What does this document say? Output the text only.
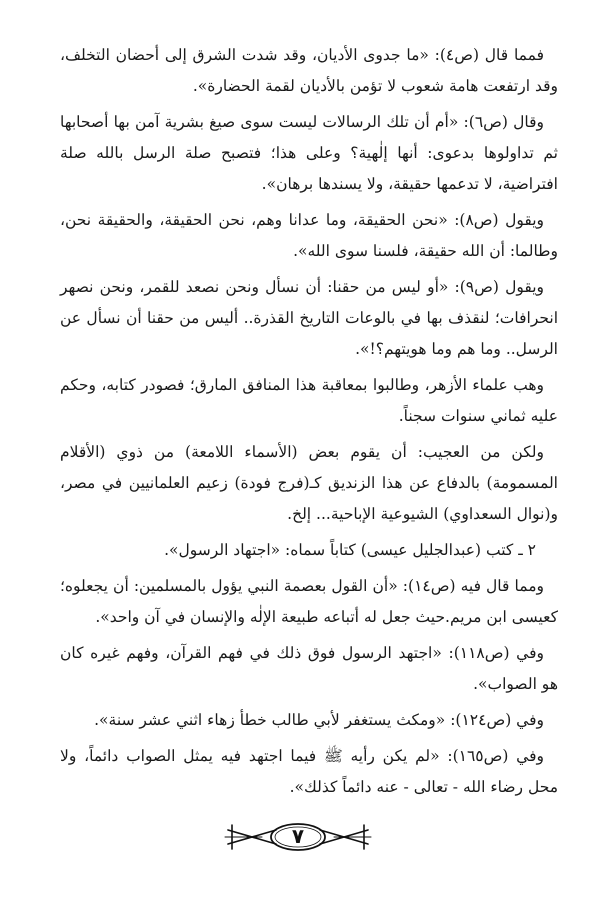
فمما قال (ص٤): «ما جدوى الأديان، وقد شدت الشرق إلى أحضان التخلف، وقد ارتفعت هامة شعوب لا تؤمن بالأديان لقمة الحضارة».

وقال (ص٦): «أم أن تلك الرسالات ليست سوى صيغ بشرية آمن بها أصحابها ثم تداولوها بدعوى: أنها إلٰهية؟ وعلى هذا؛ فتصبح صلة الرسل بالله صلة افتراضية، لا تدعمها حقيقة، ولا يسندها برهان».

ويقول (ص٨): «نحن الحقيقة، وما عدانا وهم، نحن الحقيقة، والحقيقة نحن، وطالما: أن الله حقيقة، فلسنا سوى الله».

ويقول (ص٩): «أو ليس من حقنا: أن نسأل ونحن نصعد للقمر، ونحن نصهر انحرافات؛ لنقذف بها في بالوعات التاريخ القذرة.. أليس من حقنا أن نسأل عن الرسل.. وما هم وما هويتهم؟!».

وهب علماء الأزهر، وطالبوا بمعاقبة هذا المنافق المارق؛ فصودر كتابه، وحكم عليه ثماني سنوات سجناً.

ولكن من العجيب: أن يقوم بعض (الأسماء اللامعة) من ذوي (الأقلام المسمومة) بالدفاع عن هذا الزنديق كـ(فرج فودة) زعيم العلمانيين في مصر، و(نوال السعداوي) الشيوعية الإباحية... إلخ.

٢ ـ كتب (عبدالجليل عيسى) كتاباً سماه: «اجتهاد الرسول».

ومما قال فيه (ص١٤): «أن القول بعصمة النبي يؤول بالمسلمين: أن يجعلوه؛ كعيسى ابن مريم.حيث جعل له أتباعه طبيعة الإلٰه والإنسان في آن واحد».

وفي (ص١١٨): «اجتهد الرسول فوق ذلك في فهم القرآن، وفهم غيره كان هو الصواب».

وفي (ص١٢٤): «ومكث يستغفر لأبي طالب خطأ زهاء اثني عشر سنة».

وفي (ص١٦٥): «لم يكن رأيه ﷺ فيما اجتهد فيه يمثل الصواب دائماً، ولا محل رضاء الله - تعالى - عنه دائماً كذلك».

٧
